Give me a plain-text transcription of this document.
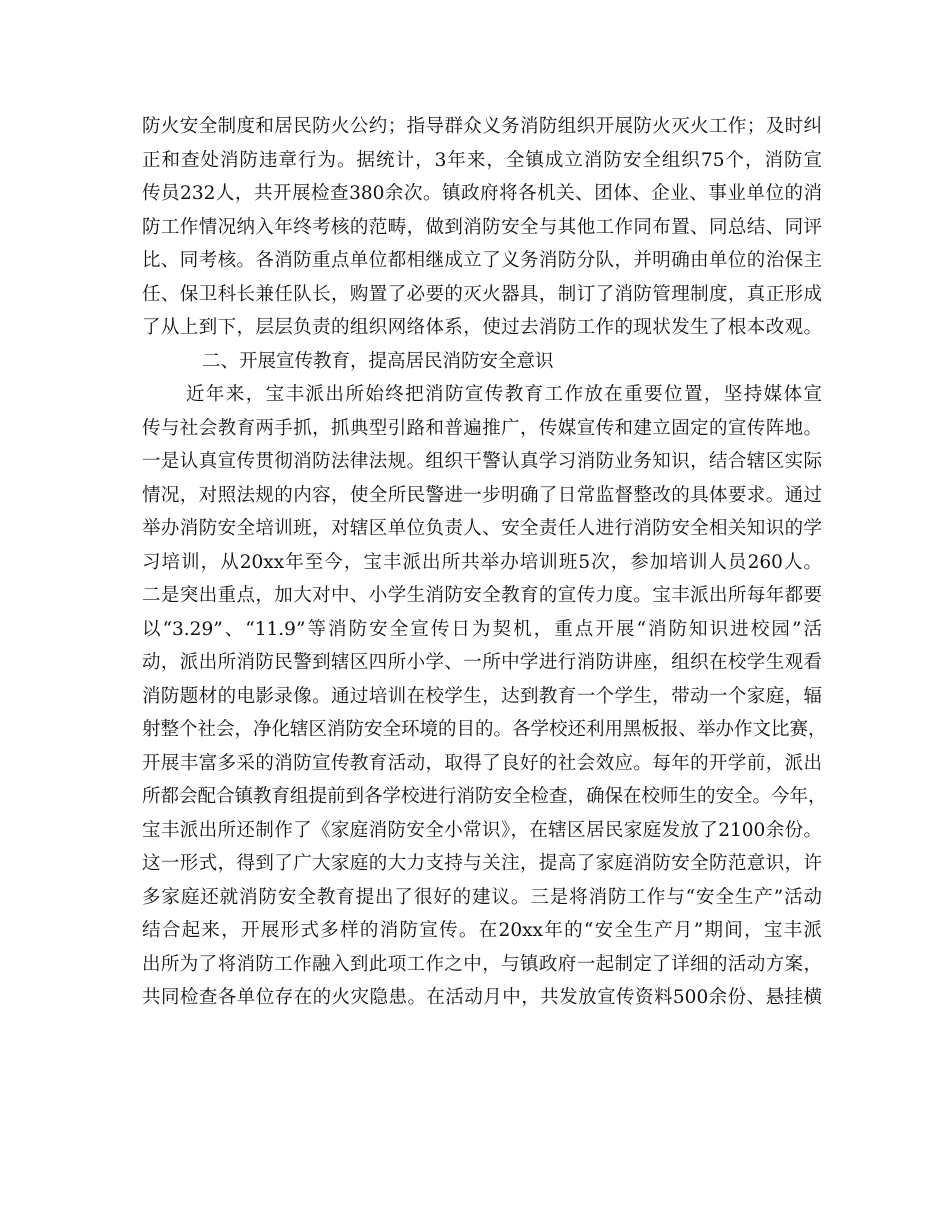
防火安全制度和居民防火公约；指导群众义务消防组织开展防火灭火工作；及时纠
正和查处消防违章行为。据统计，3年来，全镇成立消防安全组织75个，消防宣
传员232人，共开展检查380余次。镇政府将各机关、团体、企业、事业单位的消
防工作情况纳入年终考核的范畴，做到消防安全与其他工作同布置、同总结、同评
比、同考核。各消防重点单位都相继成立了义务消防分队，并明确由单位的治保主
任、保卫科长兼任队长，购置了必要的灭火器具，制订了消防管理制度，真正形成
了从上到下，层层负责的组织网络体系，使过去消防工作的现状发生了根本改观。
二、开展宣传教育，提高居民消防安全意识
近年来，宝丰派出所始终把消防宣传教育工作放在重要位置，坚持媒体宣
传与社会教育两手抓，抓典型引路和普遍推广，传媒宣传和建立固定的宣传阵地。
一是认真宣传贯彻消防法律法规。组织干警认真学习消防业务知识，结合辖区实际
情况，对照法规的内容，使全所民警进一步明确了日常监督整改的具体要求。通过
举办消防安全培训班，对辖区单位负责人、安全责任人进行消防安全相关知识的学
习培训，从20xx年至今，宝丰派出所共举办培训班5次，参加培训人员260人。
二是突出重点，加大对中、小学生消防安全教育的宣传力度。宝丰派出所每年都要
以“3.29”、“11.9”等消防安全宣传日为契机，重点开展“消防知识进校园”活
动，派出所消防民警到辖区四所小学、一所中学进行消防讲座，组织在校学生观看
消防题材的电影录像。通过培训在校学生，达到教育一个学生，带动一个家庭，辐
射整个社会，净化辖区消防安全环境的目的。各学校还利用黑板报、举办作文比赛，
开展丰富多采的消防宣传教育活动，取得了良好的社会效应。每年的开学前，派出
所都会配合镇教育组提前到各学校进行消防安全检查，确保在校师生的安全。今年，
宝丰派出所还制作了《家庭消防安全小常识》，在辖区居民家庭发放了2100余份。
这一形式，得到了广大家庭的大力支持与关注，提高了家庭消防安全防范意识，许
多家庭还就消防安全教育提出了很好的建议。三是将消防工作与“安全生产”活动
结合起来，开展形式多样的消防宣传。在20xx年的“安全生产月”期间，宝丰派
出所为了将消防工作融入到此项工作之中，与镇政府一起制定了详细的活动方案，
共同检查各单位存在的火灾隐患。在活动月中，共发放宣传资料500余份、悬挂横
